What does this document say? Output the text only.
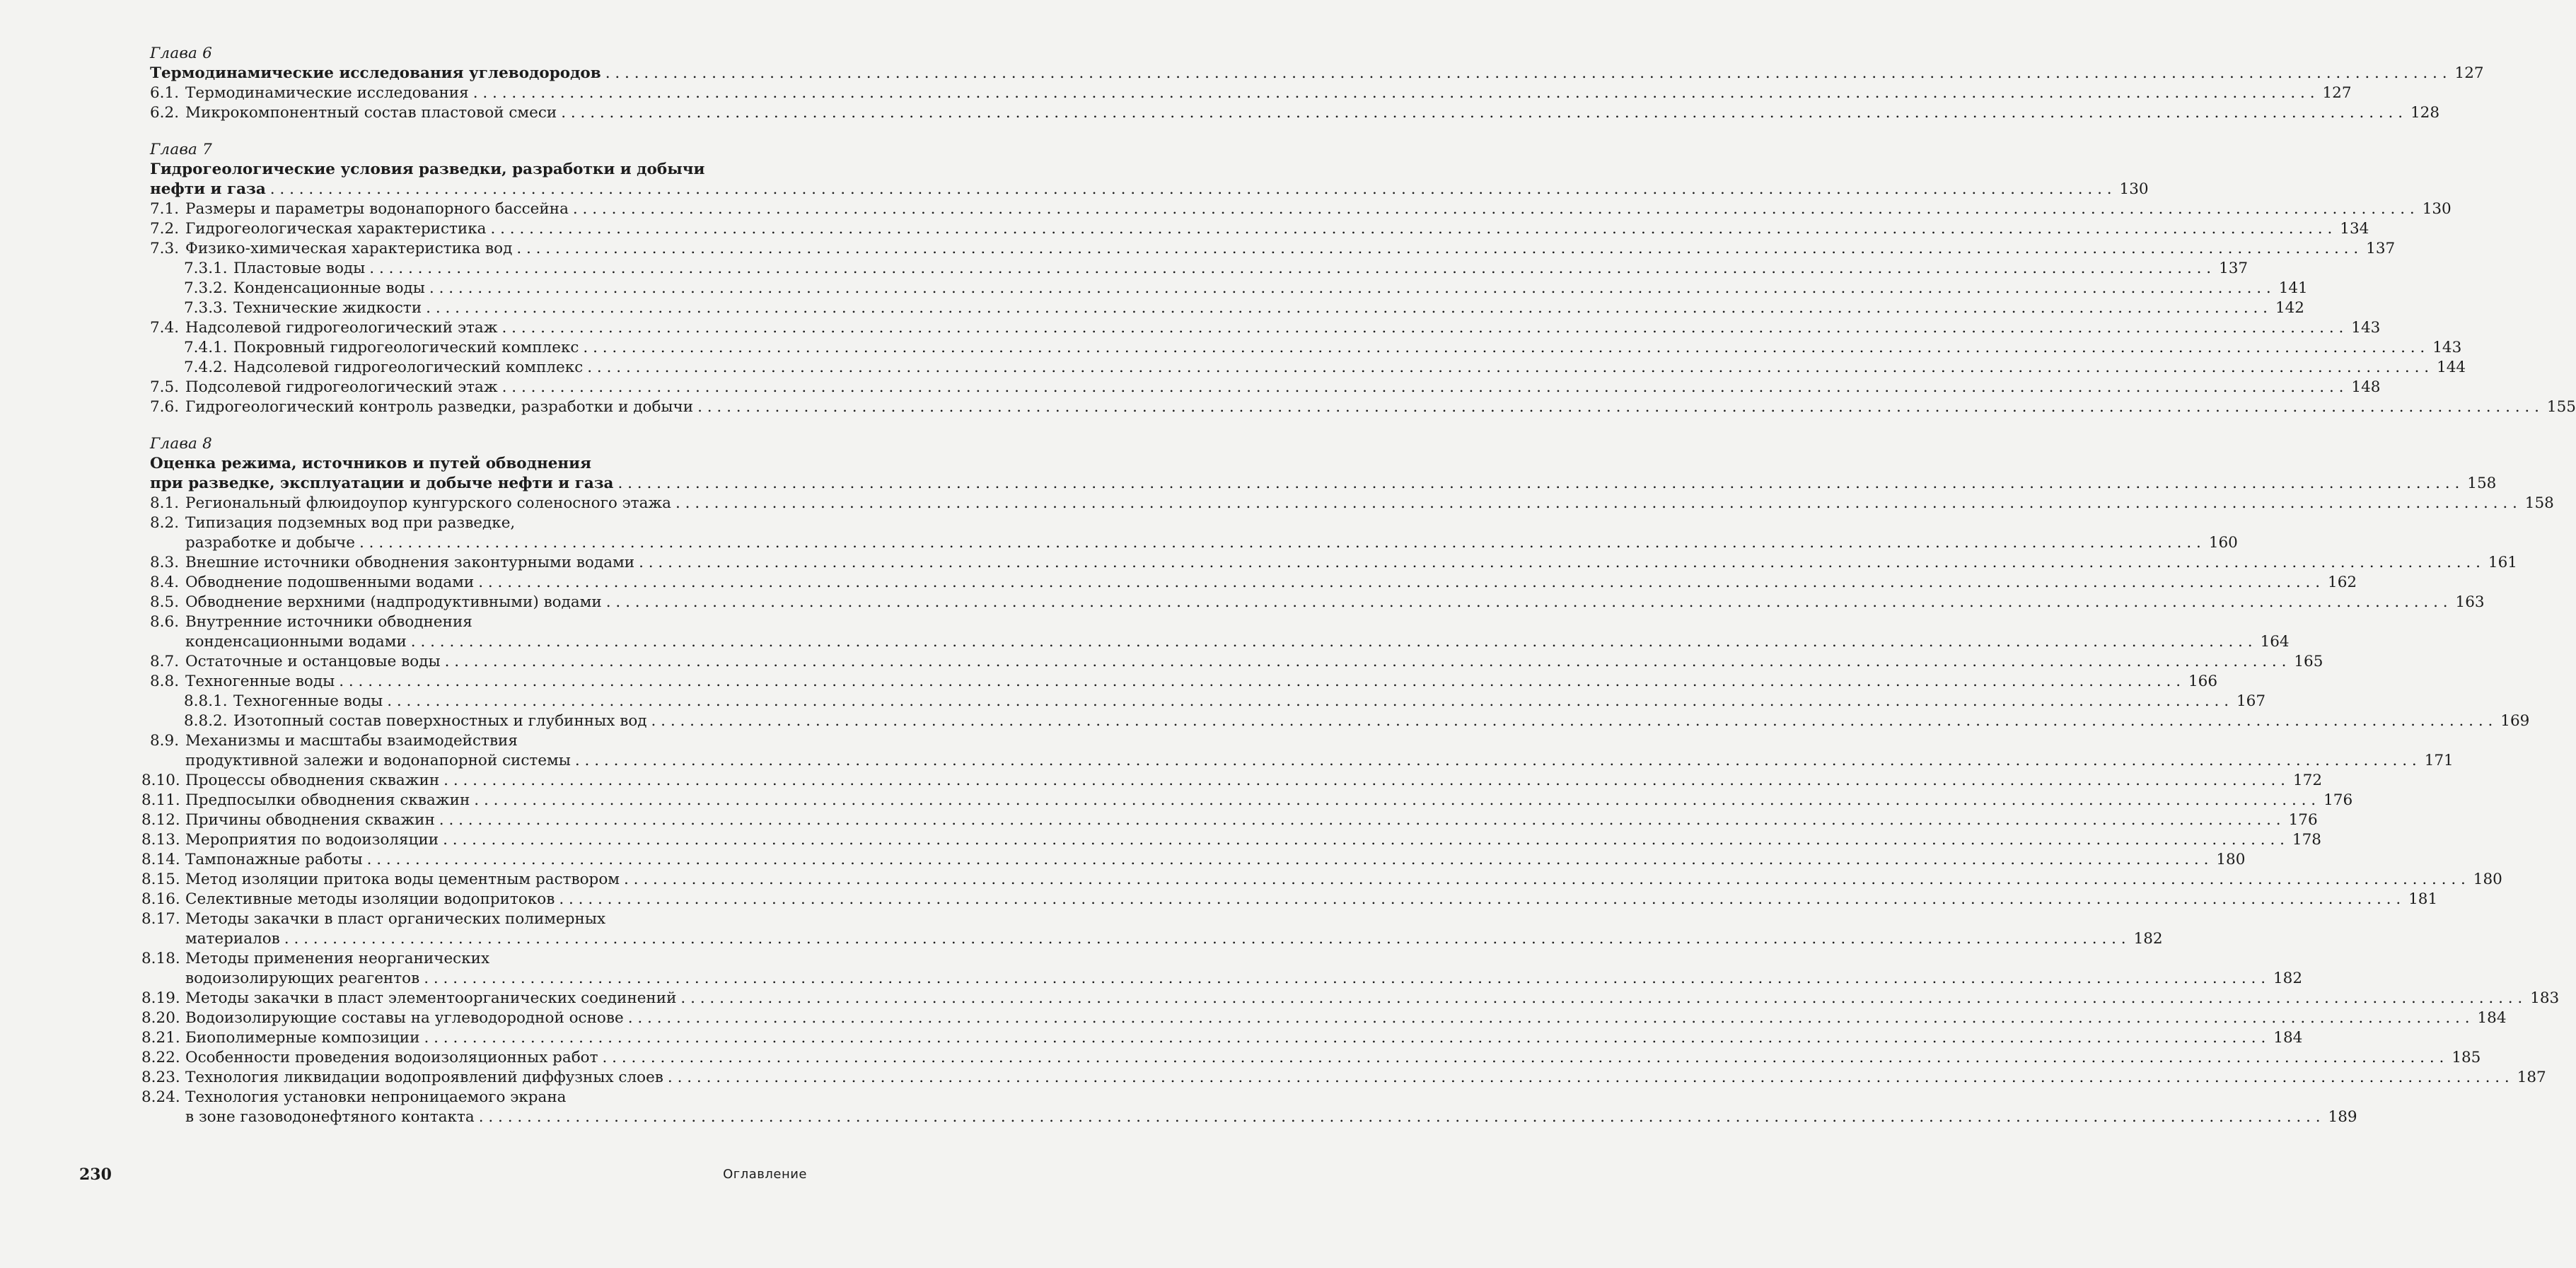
Глава 6
Термодинамические исследования углеводородов . . .	127
6.1. Термодинамические исследования . . .	127
6.2. Микрокомпонентный состав пластовой смеси . . .	128
Глава 7
Гидрогеологические условия разведки, разработки и добычи
нефти и газа . . .	130
7.1. Размеры и параметры водонапорного бассейна . . .	130
7.2. Гидрогеологическая характеристика . . .	134
7.3. Физико-химическая характеристика вод . . .	137
7.3.1. Пластовые воды . . .	137
7.3.2. Конденсационные воды . . .	141
7.3.3. Технические жидкости . . .	142
7.4. Надсолевой гидрогеологический этаж . . .	143
7.4.1. Покровный гидрогеологический комплекс . . .	143
7.4.2. Надсолевой гидрогеологический комплекс . . .	144
7.5. Подсолевой гидрогеологический этаж . . .	148
7.6. Гидрогеологический контроль разведки, разработки и добычи . . .	155
Глава 8
Оценка режима, источников и путей обводнения
при разведке, эксплуатации и добыче нефти и газа . . .	158
8.1. Региональный флюидоупор кунгурского соленосного этажа . . .	158
8.2. Типизация подземных вод при разведке,
разработке и добыче . . .	160
8.3. Внешние источники обводнения законтурными водами . . .	161
8.4. Обводнение подошвенными водами . . .	162
8.5. Обводнение верхними (надпродуктивными) водами . . .	163
8.6. Внутренние источники обводнения
конденсационными водами . . .	164
8.7. Остаточные и останцовые воды . . .	165
8.8. Техногенные воды . . .	166
8.8.1. Техногенные воды . . .	167
8.8.2. Изотопный состав поверхностных и глубинных вод . . .	169
8.9. Механизмы и масштабы взаимодействия
продуктивной залежи и водонапорной системы . . .	171
8.10. Процессы обводнения скважин . . .	172
8.11. Предпосылки обводнения скважин . . .	176
8.12. Причины обводнения скважин . . .	176
8.13. Мероприятия по водоизоляции . . .	178
8.14. Тампонажные работы . . .	180
8.15. Метод изоляции притока воды цементным раствором . . .	180
8.16. Селективные методы изоляции водопритоков . . .	181
8.17. Методы закачки в пласт органических полимерных
материалов . . .	182
8.18. Методы применения неорганических
водоизолирующих реагентов . . .	182
8.19. Методы закачки в пласт элементоорганических соединений . . .	183
8.20. Водоизолирующие составы на углеводородной основе . . .	184
8.21. Биополимерные композиции . . .	184
8.22. Особенности проведения водоизоляционных работ . . .	185
8.23. Технология ликвидации водопроявлений диффузных слоев . . .	187
8.24. Технология установки непроницаемого экрана
в зоне газоводонефтяного контакта . . .	189
230	Оглавление
